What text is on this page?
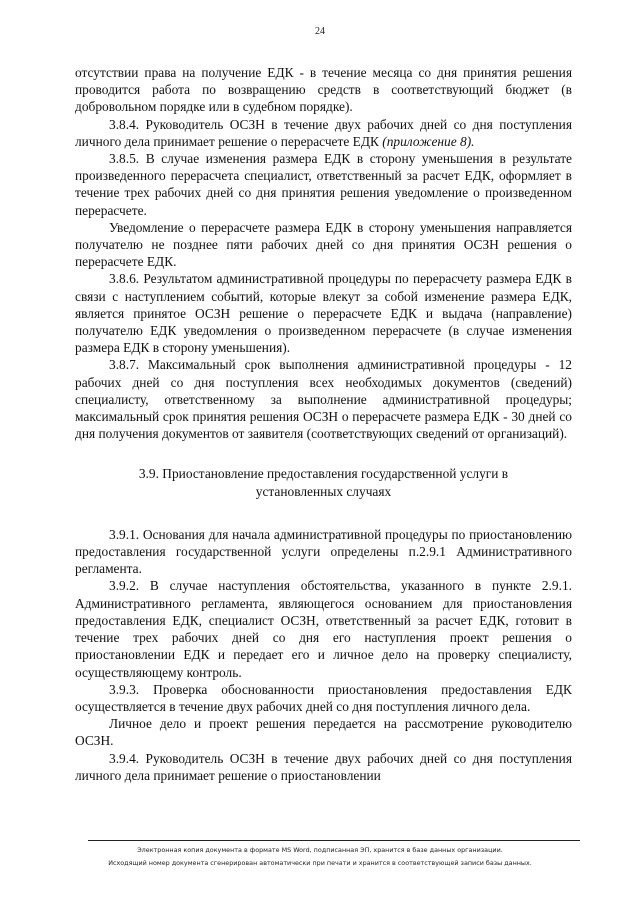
24

отсутствии права на получение ЕДК - в течение месяца со дня принятия решения проводится работа по возвращению средств в соответствующий бюджет (в добровольном порядке или в судебном порядке).

3.8.4. Руководитель ОСЗН в течение двух рабочих дней со дня поступления личного дела принимает решение о перерасчете ЕДК (приложение 8).

3.8.5. В случае изменения размера ЕДК в сторону уменьшения в результате произведенного перерасчета специалист, ответственный за расчет ЕДК, оформляет в течение трех рабочих дней со дня принятия решения уведомление о произведенном перерасчете.

Уведомление о перерасчете размера ЕДК в сторону уменьшения направляется получателю не позднее пяти рабочих дней со дня принятия ОСЗН решения о перерасчете ЕДК.

3.8.6. Результатом административной процедуры по перерасчету размера ЕДК в связи с наступлением событий, которые влекут за собой изменение размера ЕДК, является принятое ОСЗН решение о перерасчете ЕДК и выдача (направление) получателю ЕДК уведомления о произведенном перерасчете (в случае изменения размера ЕДК в сторону уменьшения).

3.8.7. Максимальный срок выполнения административной процедуры - 12 рабочих дней со дня поступления всех необходимых документов (сведений) специалисту, ответственному за выполнение административной процедуры; максимальный срок принятия решения ОСЗН о перерасчете размера ЕДК - 30 дней со дня получения документов от заявителя (соответствующих сведений от организаций).

3.9. Приостановление предоставления государственной услуги в
установленных случаях

3.9.1. Основания для начала административной процедуры по приостановлению предоставления государственной услуги определены п.2.9.1 Административного регламента.

3.9.2. В случае наступления обстоятельства, указанного в пункте 2.9.1. Административного регламента, являющегося основанием для приостановления предоставления ЕДК, специалист ОСЗН, ответственный за расчет ЕДК, готовит в течение трех рабочих дней со дня его наступления проект решения о приостановлении ЕДК и передает его и личное дело на проверку специалисту, осуществляющему контроль.

3.9.3. Проверка обоснованности приостановления предоставления ЕДК осуществляется в течение двух рабочих дней со дня поступления личного дела.

Личное дело и проект решения передается на рассмотрение руководителю ОСЗН.

3.9.4. Руководитель ОСЗН в течение двух рабочих дней со дня поступления личного дела принимает решение о приостановлении

Электронная копия документа в формате MS Word, подписанная ЭП, хранится в базе данных организации.
Исходящий номер документа сгенерирован автоматически при печати и хранится в соответствующей записи базы данных.
